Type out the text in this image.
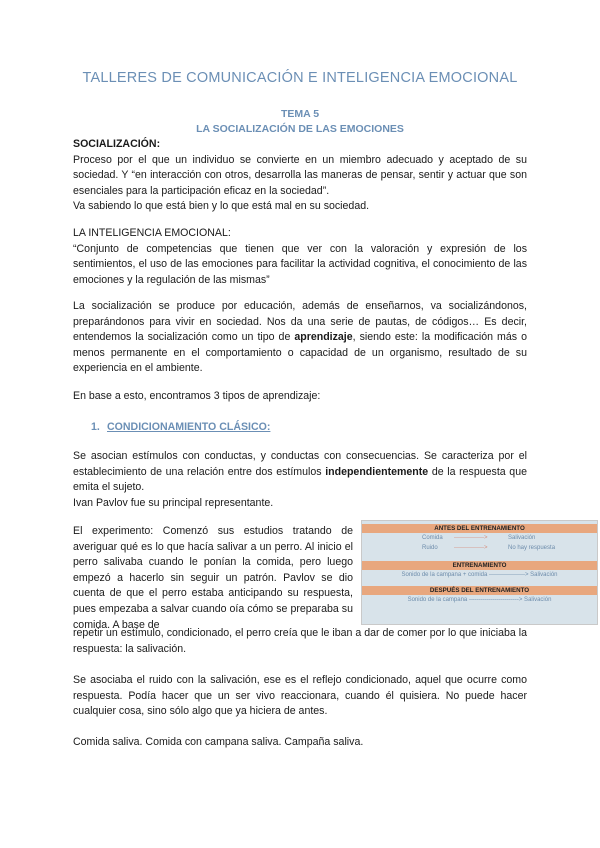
TALLERES DE COMUNICACIÓN E INTELIGENCIA EMOCIONAL
TEMA 5
LA SOCIALIZACIÓN DE LAS EMOCIONES

SOCIALIZACIÓN:

Proceso por el que un individuo se convierte en un miembro adecuado y aceptado de su sociedad. Y “en interacción con otros, desarrolla las maneras de pensar, sentir y actuar que son esenciales para la participación eficaz en la sociedad”.

Va sabiendo lo que está bien y lo que está mal en su sociedad.

LA INTELIGENCIA EMOCIONAL:

“Conjunto de competencias que tienen que ver con la valoración y expresión de los sentimientos, el uso de las emociones para facilitar la actividad cognitiva, el conocimiento de las emociones y la regulación de las mismas”

La socialización se produce por educación, además de enseñarnos, va socializándonos, preparándonos para vivir en sociedad. Nos da una serie de pautas, de códigos… Es decir, entendemos la socialización como un tipo de aprendizaje, siendo este: la modificación más o menos permanente en el comportamiento o capacidad de un organismo, resultado de su experiencia en el ambiente.

En base a esto, encontramos 3 tipos de aprendizaje:

1. CONDICIONAMIENTO CLÁSICO:

Se asocian estímulos con conductas, y conductas con consecuencias. Se caracteriza por el establecimiento de una relación entre dos estímulos independientemente de la respuesta que emita el sujeto.

Ivan Pavlov fue su principal representante.

El experimento: Comenzó sus estudios tratando de averiguar qué es lo que hacía salivar a un perro. Al inicio el perro salivaba cuando le ponían la comida, pero luego empezó a hacerlo sin seguir un patrón. Pavlov se dio cuenta de que el perro estaba anticipando su respuesta, pues empezaba a salvar cuando oía cómo se preparaba su comida. A base de

ANTES DEL ENTRENAMIENTO
Comida --------------->	Salivación
Ruido	--------------->	No hay respuesta
ENTRENAMIENTO
Sonido de la campana + comida ------------------> Salivación
DESPUÉS DEL ENTRENAMIENTO
Sonido de la campana -------------------------> Salivación

repetir un estímulo, condicionado, el perro creía que le iban a dar de comer por lo que iniciaba la respuesta: la salivación.

Se asociaba el ruido con la salivación, ese es el reflejo condicionado, aquel que ocurre como respuesta. Podía hacer que un ser vivo reaccionara, cuando él quisiera. No puede hacer cualquier cosa, sino sólo algo que ya hiciera de antes.

Comida saliva. Comida con campana saliva. Campaña saliva.
